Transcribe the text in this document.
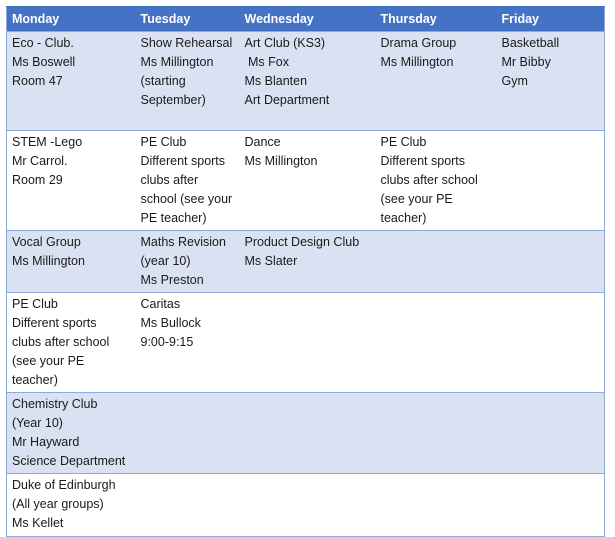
Monday	Tuesday	Wednesday	Thursday	Friday

Eco - Club.
Ms Boswell
Room 47	Show Rehearsal
Ms Millington
(starting
September)	Art Club (KS3)
Ms Fox
Ms Blanten
Art Department	Drama Group
Ms Millington	Basketball
Mr Bibby
Gym

STEM -Lego
Mr Carrol.
Room 29	PE Club
Different sports
clubs after
school (see your
PE teacher)	Dance
Ms Millington	PE Club
Different sports
clubs after school
(see your PE
teacher)	

Vocal Group
Ms Millington	Maths Revision
(year 10)
Ms Preston	Product Design Club
Ms Slater		

PE Club
Different sports
clubs after school
(see your PE teacher)	Caritas
Ms Bullock
9:00-9:15			

Chemistry Club
(Year 10)
Mr Hayward
Science Department				

Duke of Edinburgh
(All year groups)
Ms Kellet				
